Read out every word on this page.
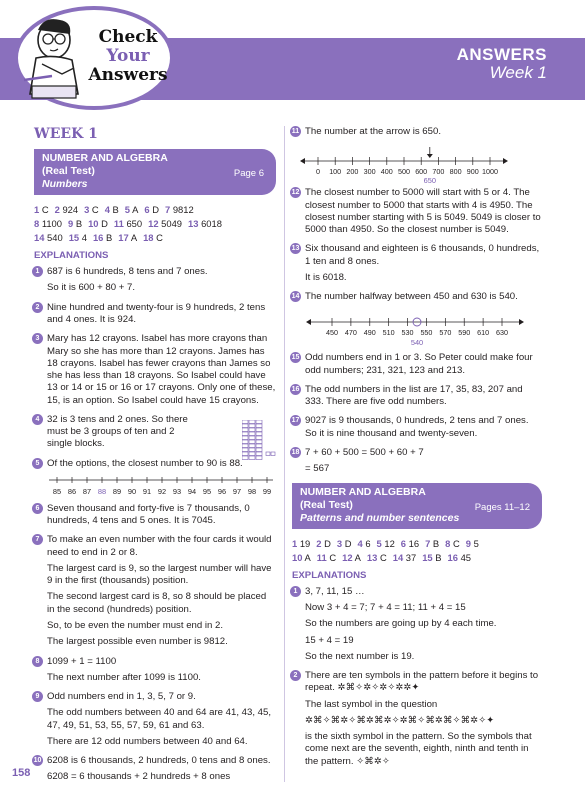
Check
Your
Answers
ANSWERS
Week 1
WEEK 1
NUMBER AND ALGEBRA
(Real Test)
Numbers
Page 6
1 C 2 924 3 C 4 B 5 A 6 D 7 9812
8 1100 9 B 10 D 11 650 12 5049 13 6018
14 540 15 4 16 B 17 A 18 C
EXPLANATIONS
1 687 is 6 hundreds, 8 tens and 7 ones.

So it is 600 + 80 + 7.

2 Nine hundred and twenty-four is 9 hundreds, 2 tens and 4 ones. It is 924.

3 Mary has 12 crayons. Isabel has more crayons than Mary so she has more than 12 crayons. James has 18 crayons. Isabel has fewer crayons than James so she has less than 18 crayons. So Isabel could have 13 or 14 or 15 or 16 or 17 crayons. Only one of these, 15, is an option. So Isabel could have 15 crayons.

4 32 is 3 tens and 2 ones. So there must be 3 groups of ten and 2 single blocks.

5 Of the options, the closest number to 90 is 88.

85 86 87 88 89 90 91 92 93 94 95 96 97 98 99
6 Seven thousand and forty-five is 7 thousands, 0 hundreds, 4 tens and 5 ones. It is 7045.

7 To make an even number with the four cards it would need to end in 2 or 8.

The largest card is 9, so the largest number will have 9 in the first (thousands) position.

The second largest card is 8, so 8 should be placed in the second (hundreds) position.

So, to be even the number must end in 2.

The largest possible even number is 9812.

8 1099 + 1 = 1100

The next number after 1099 is 1100.

9 Odd numbers end in 1, 3, 5, 7 or 9.

The odd numbers between 40 and 64 are 41, 43, 45, 47, 49, 51, 53, 55, 57, 59, 61 and 63.

There are 12 odd numbers between 40 and 64.

10 6208 is 6 thousands, 2 hundreds, 0 tens and 8 ones.

6208 = 6 thousands + 2 hundreds + 8 ones

11 The number at the arrow is 650.

0 100 200 300 400 500 600 700 800 900 1000
650
12 The closest number to 5000 will start with 5 or 4. The closest number to 5000 that starts with 4 is 4950. The closest number starting with 5 is 5049. 5049 is closer to 5000 than 4950. So the closest number is 5049.

13 Six thousand and eighteen is 6 thousands, 0 hundreds, 1 ten and 8 ones.

It is 6018.

14 The number halfway between 450 and 630 is 540.

450 470 490 510 530 550 570 590 610 630
540
15 Odd numbers end in 1 or 3. So Peter could make four odd numbers; 231, 321, 123 and 213.

16 The odd numbers in the list are 17, 35, 83, 207 and 333. There are five odd numbers.

17 9027 is 9 thousands, 0 hundreds, 2 tens and 7 ones. So it is nine thousand and twenty-seven.

18 7 + 60 + 500 = 500 + 60 + 7

= 567

NUMBER AND ALGEBRA
(Real Test)
Patterns and number sentences
Pages 11–12
1 19 2 D 3 D 4 6 5 12 6 16 7 B 8 C 9 5
10 A 11 C 12 A 13 C 14 37 15 B 16 45
EXPLANATIONS
1 3, 7, 11, 15 …

Now 3 + 4 = 7; 7 + 4 = 11; 11 + 4 = 15

So the numbers are going up by 4 each time.

15 + 4 = 19

So the next number is 19.

2 There are ten symbols in the pattern before it begins to repeat. ✲⌘✧✲✧✲✧✲✲✦

The last symbol in the question

✲⌘✧⌘✲✧⌘✲⌘✲✧✲⌘✧⌘✲⌘✧⌘✲✧✦

is the sixth symbol in the pattern. So the symbols that come next are the seventh, eighth, ninth and tenth in the pattern. ✧⌘✲✧

158
